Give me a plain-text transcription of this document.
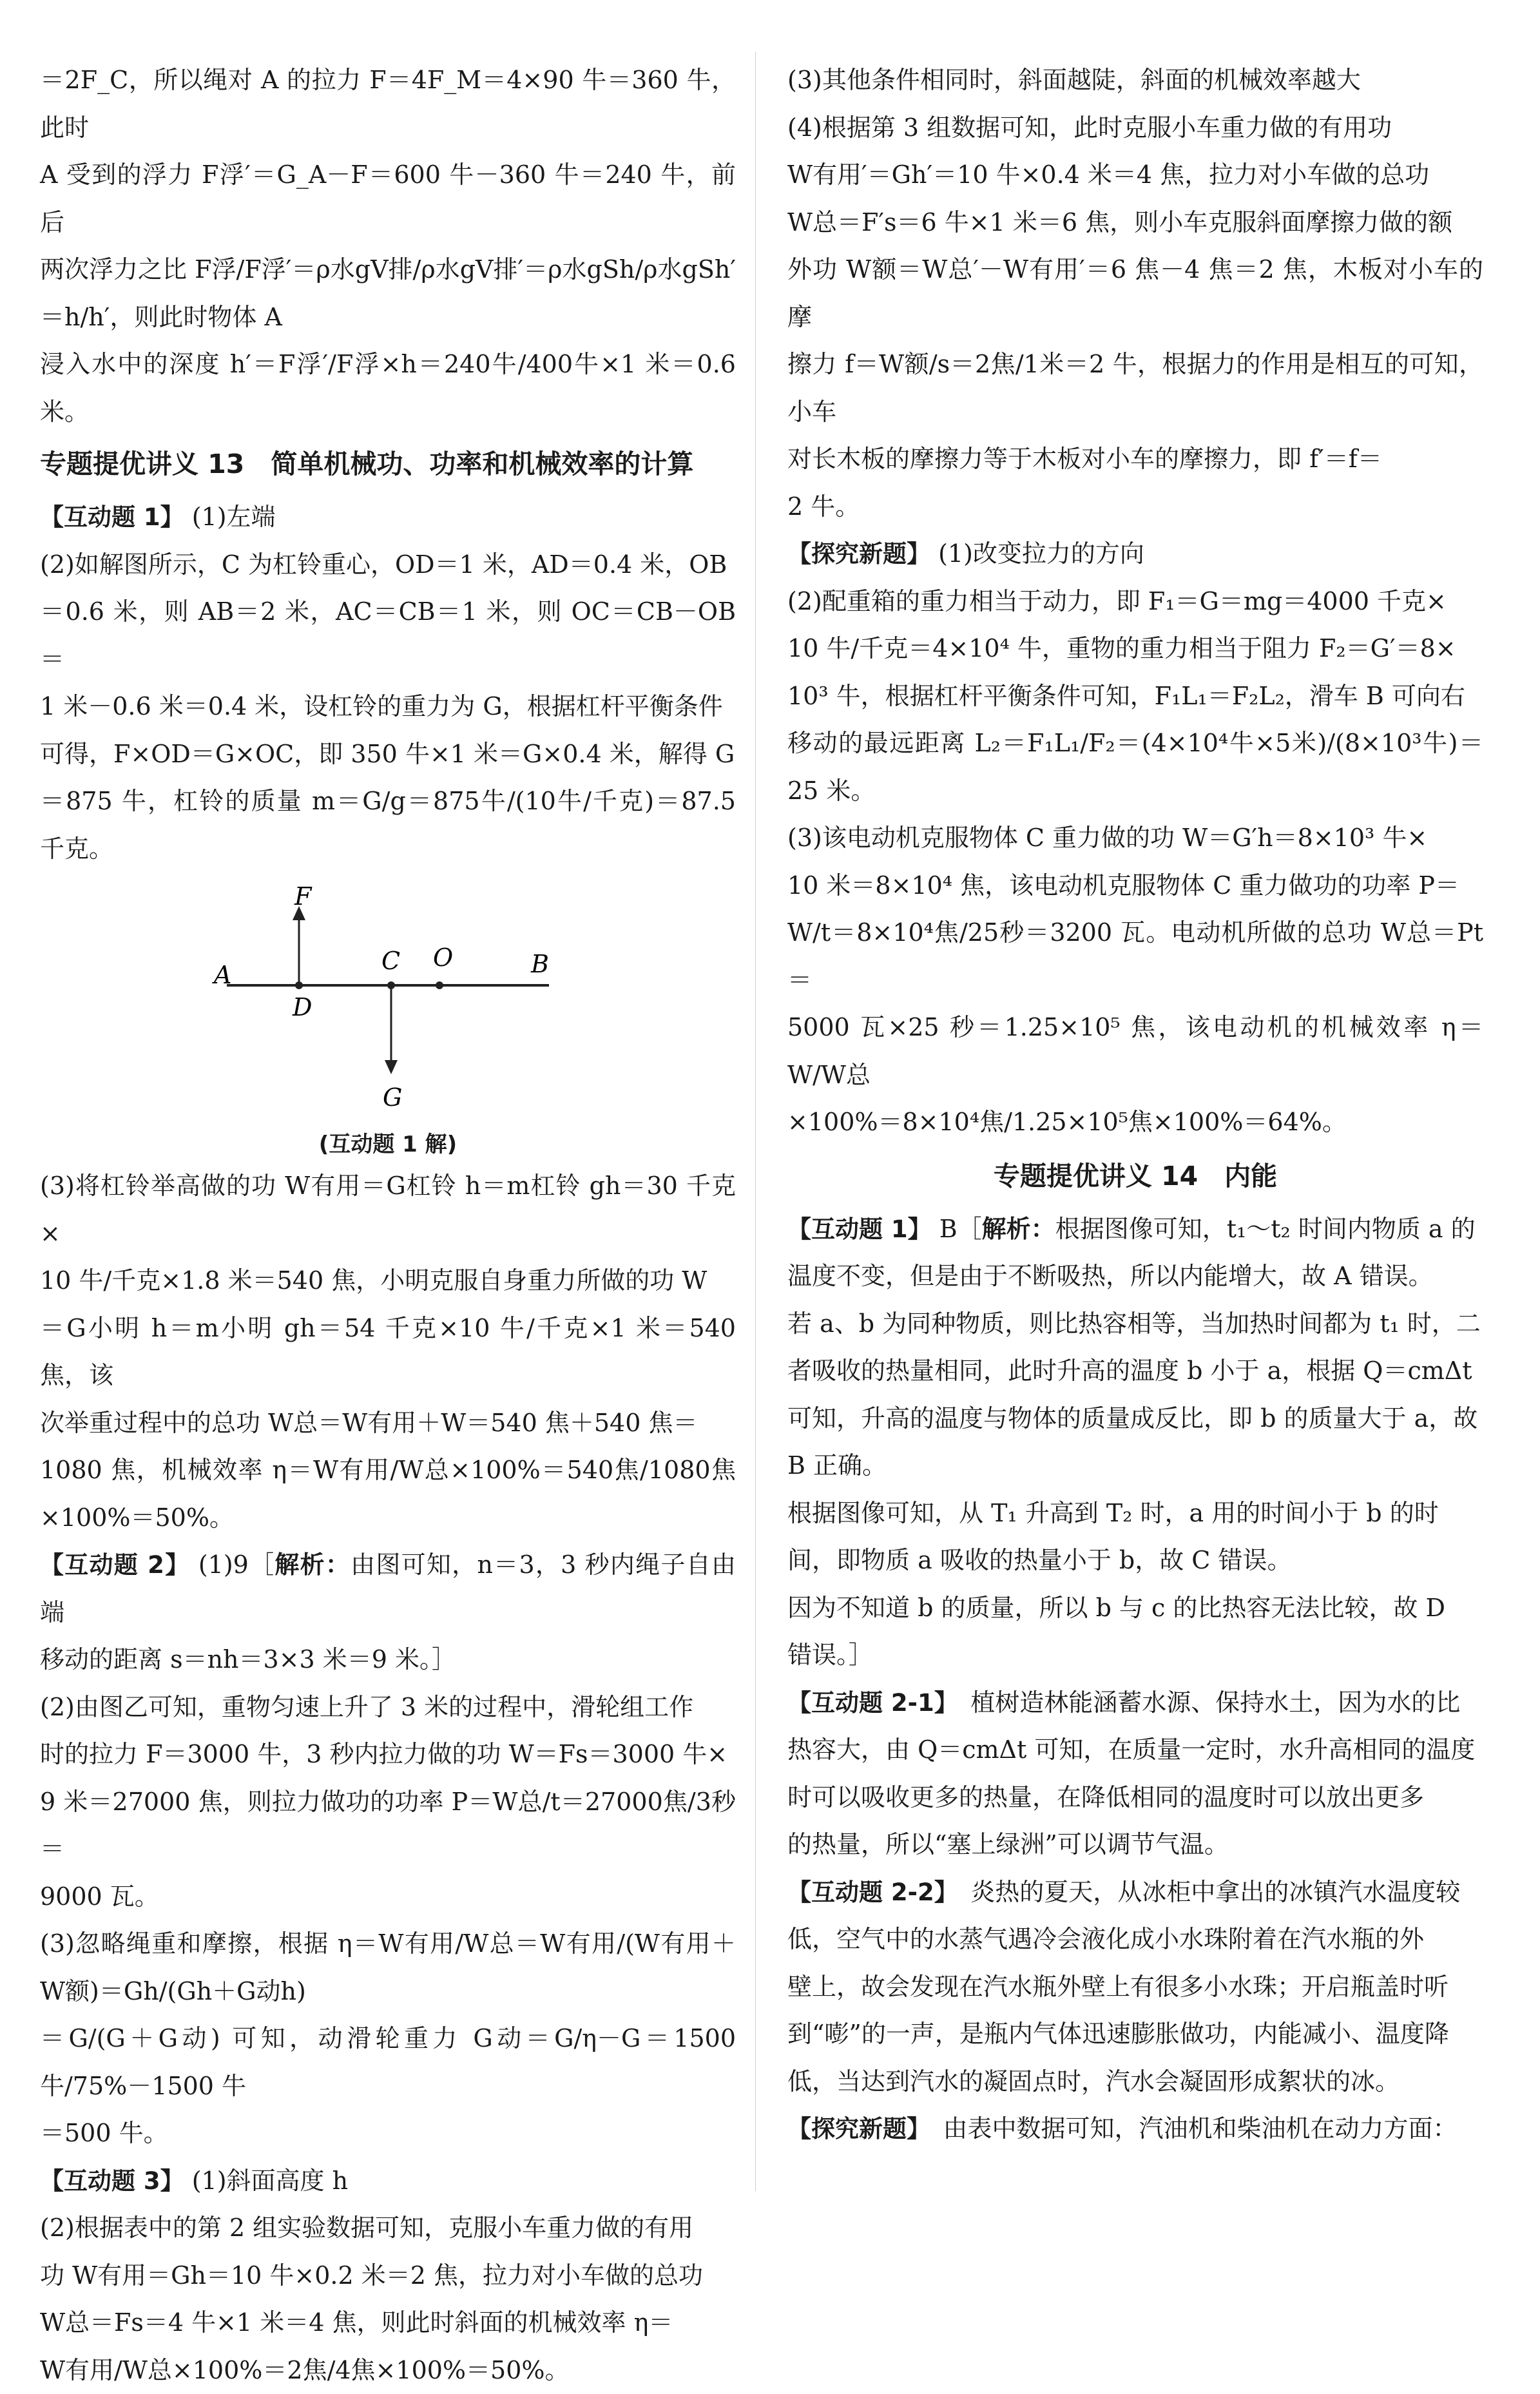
＝2F_C，所以绳对 A 的拉力 F＝4F_M＝4×90 牛＝360 牛，此时

A 受到的浮力 F浮′＝G_A－F＝600 牛－360 牛＝240 牛，前后

两次浮力之比 F浮/F浮′＝ρ水gV排/ρ水gV排′＝ρ水gSh/ρ水gSh′＝h/h′，则此时物体 A

浸入水中的深度 h′＝F浮′/F浮×h＝240牛/400牛×1 米＝0.6 米。

专题提优讲义 13　简单机械功、功率和机械效率的计算

【互动题 1】 (1)左端

(2)如解图所示，C 为杠铃重心，OD＝1 米，AD＝0.4 米，OB

＝0.6 米，则 AB＝2 米，AC＝CB＝1 米，则 OC＝CB－OB＝

1 米－0.6 米＝0.4 米，设杠铃的重力为 G，根据杠杆平衡条件

可得，F×OD＝G×OC，即 350 牛×1 米＝G×0.4 米，解得 G

＝875 牛，杠铃的质量 m＝G/g＝875牛/(10牛/千克)＝87.5 千克。

F
A
D
C O	B
G
(互动题 1 解)

(3)将杠铃举高做的功 W有用＝G杠铃 h＝m杠铃 gh＝30 千克×

10 牛/千克×1.8 米＝540 焦，小明克服自身重力所做的功 W

＝G小明 h＝m小明 gh＝54 千克×10 牛/千克×1 米＝540 焦，该

次举重过程中的总功 W总＝W有用＋W＝540 焦＋540 焦＝

1080 焦，机械效率 η＝W有用/W总×100%＝540焦/1080焦×100%＝50%。

【互动题 2】 (1)9［解析：由图可知，n＝3，3 秒内绳子自由端

移动的距离 s＝nh＝3×3 米＝9 米。］

(2)由图乙可知，重物匀速上升了 3 米的过程中，滑轮组工作

时的拉力 F＝3000 牛，3 秒内拉力做的功 W＝Fs＝3000 牛×

9 米＝27000 焦，则拉力做功的功率 P＝W总/t＝27000焦/3秒＝

9000 瓦。

(3)忽略绳重和摩擦，根据 η＝W有用/W总＝W有用/(W有用＋W额)＝Gh/(Gh＋G动h)

＝G/(G＋G动) 可知，动滑轮重力 G动＝G/η－G＝1500牛/75%－1500 牛

＝500 牛。

【互动题 3】 (1)斜面高度 h

(2)根据表中的第 2 组实验数据可知，克服小车重力做的有用

功 W有用＝Gh＝10 牛×0.2 米＝2 焦，拉力对小车做的总功

W总＝Fs＝4 牛×1 米＝4 焦，则此时斜面的机械效率 η＝

W有用/W总×100%＝2焦/4焦×100%＝50%。

(3)其他条件相同时，斜面越陡，斜面的机械效率越大

(4)根据第 3 组数据可知，此时克服小车重力做的有用功

W有用′＝Gh′＝10 牛×0.4 米＝4 焦，拉力对小车做的总功

W总＝F′s＝6 牛×1 米＝6 焦，则小车克服斜面摩擦力做的额

外功 W额＝W总′－W有用′＝6 焦－4 焦＝2 焦，木板对小车的摩

擦力 f＝W额/s＝2焦/1米＝2 牛，根据力的作用是相互的可知，小车

对长木板的摩擦力等于木板对小车的摩擦力，即 f′＝f＝

2 牛。

【探究新题】 (1)改变拉力的方向

(2)配重箱的重力相当于动力，即 F₁＝G＝mg＝4000 千克×

10 牛/千克＝4×10⁴ 牛，重物的重力相当于阻力 F₂＝G′＝8×

10³ 牛，根据杠杆平衡条件可知，F₁L₁＝F₂L₂，滑车 B 可向右

移动的最远距离 L₂＝F₁L₁/F₂＝(4×10⁴牛×5米)/(8×10³牛)＝25 米。

(3)该电动机克服物体 C 重力做的功 W＝G′h＝8×10³ 牛×

10 米＝8×10⁴ 焦，该电动机克服物体 C 重力做功的功率 P＝

W/t＝8×10⁴焦/25秒＝3200 瓦。电动机所做的总功 W总＝Pt＝

5000 瓦×25 秒＝1.25×10⁵ 焦，该电动机的机械效率 η＝W/W总

×100%＝8×10⁴焦/1.25×10⁵焦×100%＝64%。

专题提优讲义 14　内能

【互动题 1】 B［解析：根据图像可知，t₁～t₂ 时间内物质 a 的

温度不变，但是由于不断吸热，所以内能增大，故 A 错误。

若 a、b 为同种物质，则比热容相等，当加热时间都为 t₁ 时，二

者吸收的热量相同，此时升高的温度 b 小于 a，根据 Q＝cmΔt

可知，升高的温度与物体的质量成反比，即 b 的质量大于 a，故

B 正确。

根据图像可知，从 T₁ 升高到 T₂ 时，a 用的时间小于 b 的时

间，即物质 a 吸收的热量小于 b，故 C 错误。

因为不知道 b 的质量，所以 b 与 c 的比热容无法比较，故 D

错误。］

【互动题 2-1】　植树造林能涵蓄水源、保持水土，因为水的比

热容大，由 Q＝cmΔt 可知，在质量一定时，水升高相同的温度

时可以吸收更多的热量，在降低相同的温度时可以放出更多

的热量，所以“塞上绿洲”可以调节气温。

【互动题 2-2】　炎热的夏天，从冰柜中拿出的冰镇汽水温度较

低，空气中的水蒸气遇冷会液化成小水珠附着在汽水瓶的外

壁上，故会发现在汽水瓶外壁上有很多小水珠；开启瓶盖时听

到“嘭”的一声，是瓶内气体迅速膨胀做功，内能减小、温度降

低，当达到汽水的凝固点时，汽水会凝固形成絮状的冰。

【探究新题】　由表中数据可知，汽油机和柴油机在动力方面：
